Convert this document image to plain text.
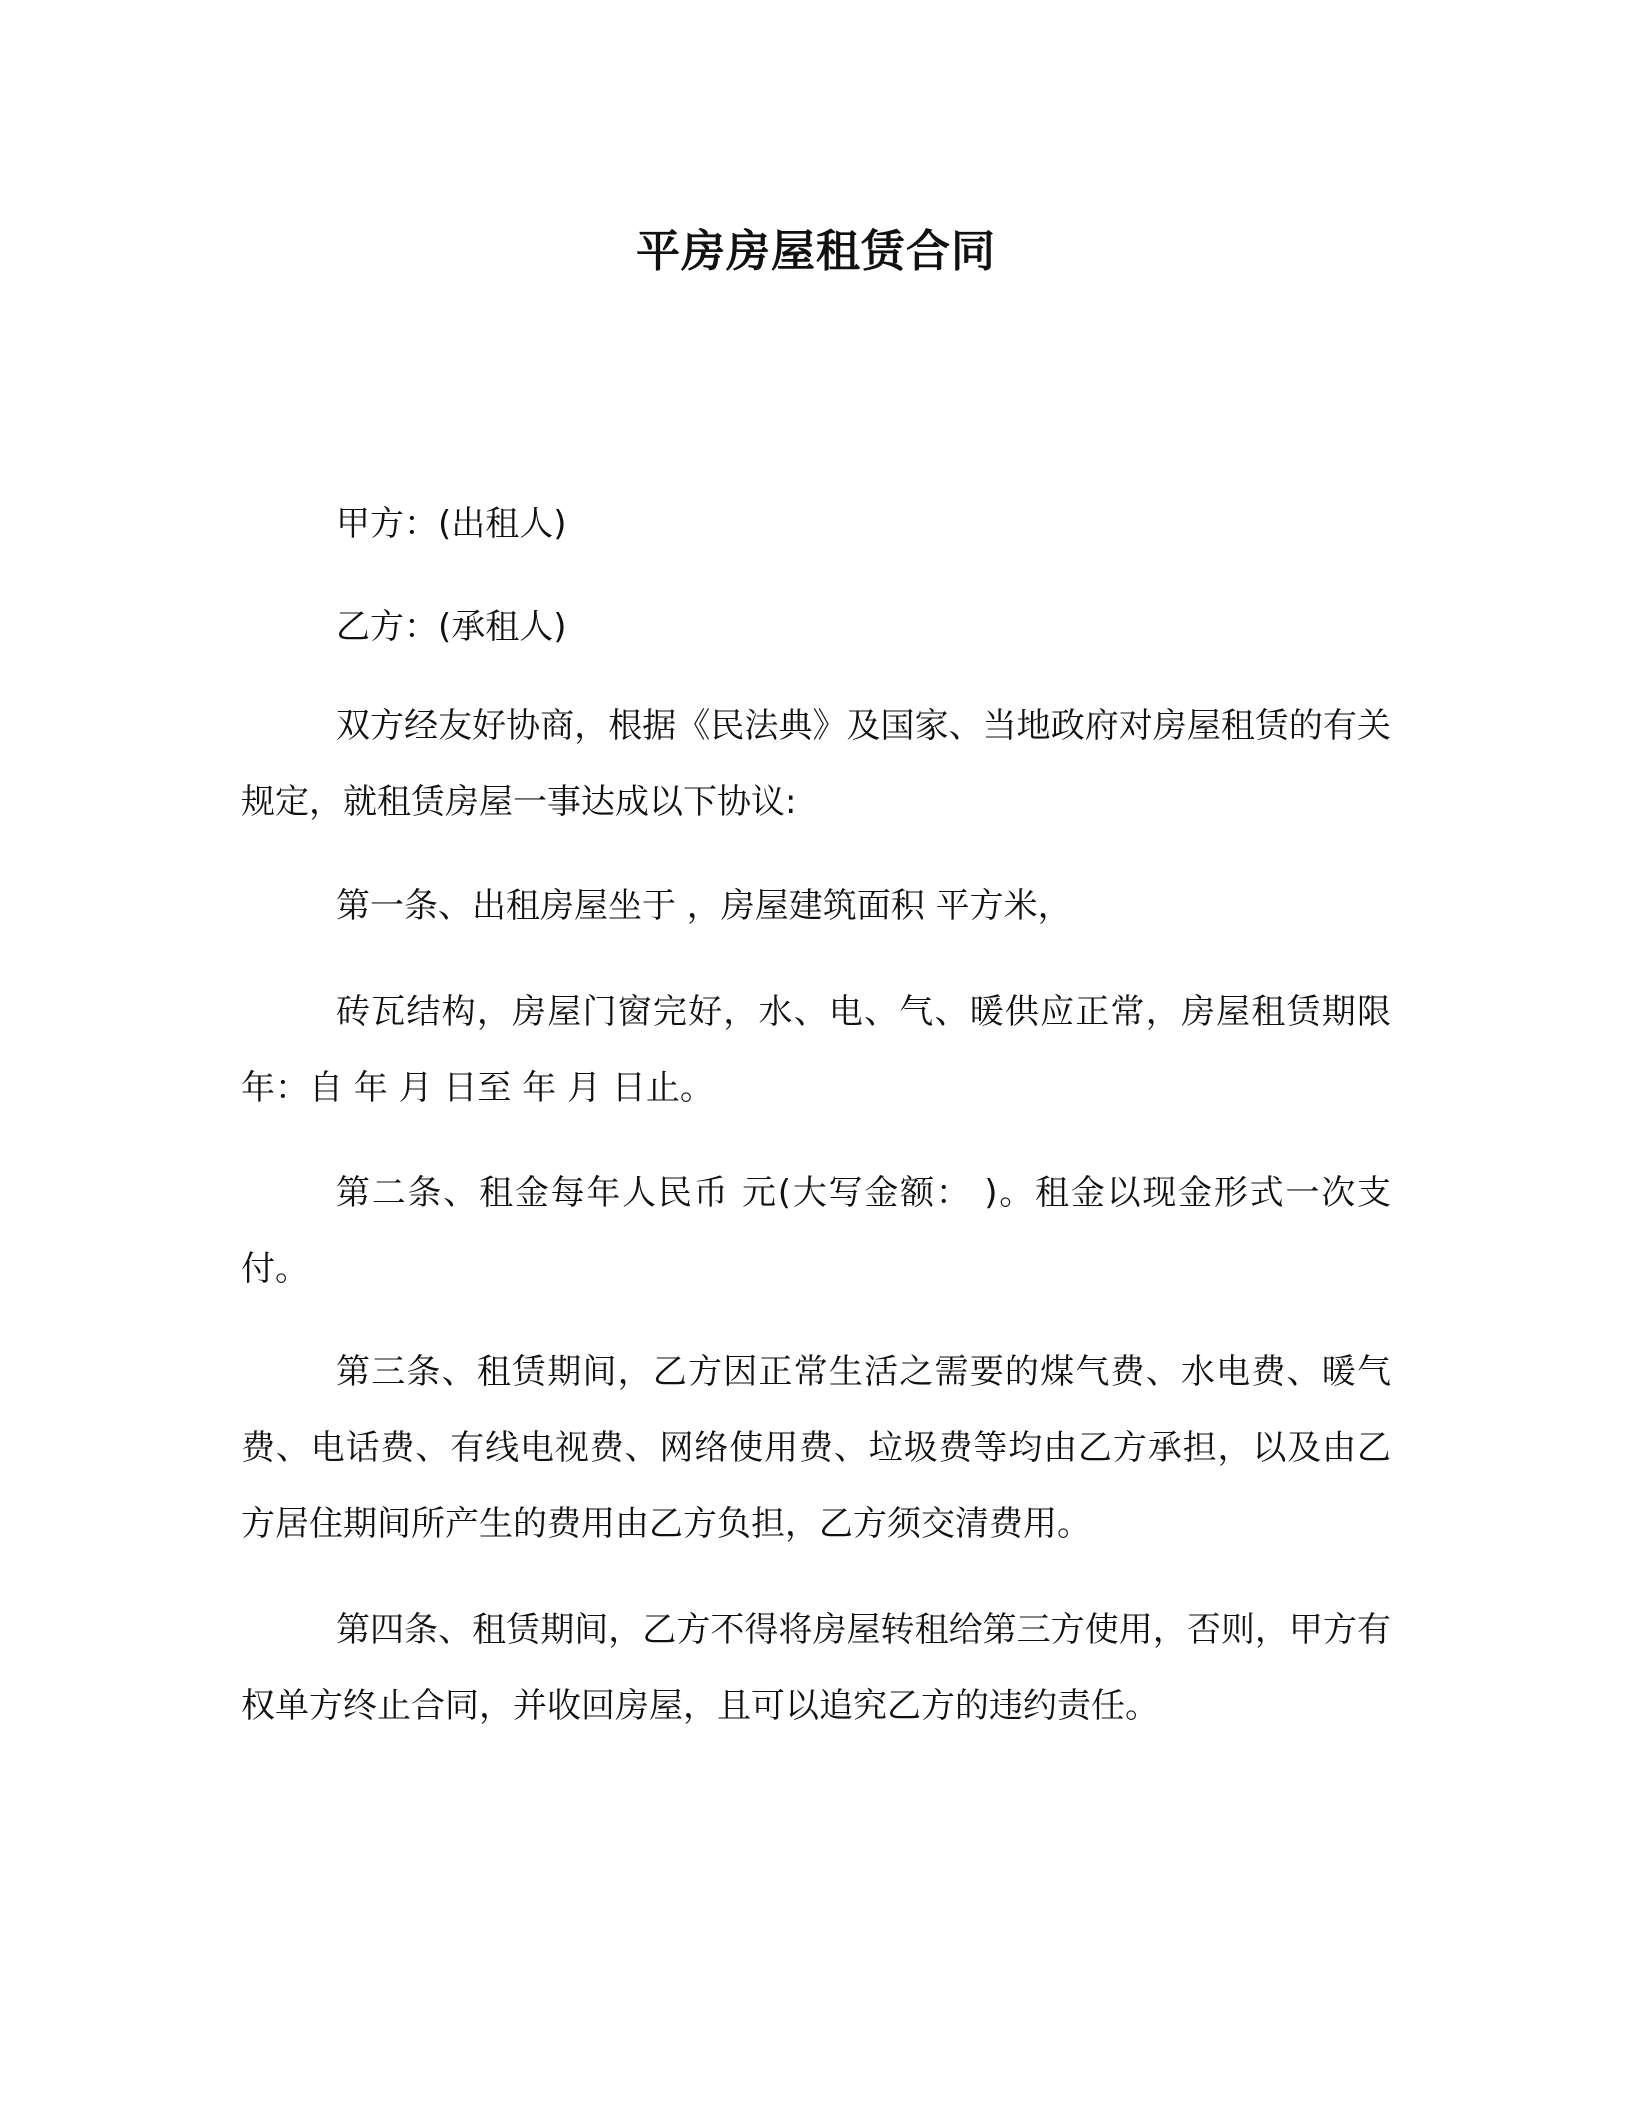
平房房屋租赁合同
甲方：(出租人)
乙方：(承租人)

双方经友好协商，根据《民法典》及国家、当地政府对房屋租赁的有关规定，就租赁房屋一事达成以下协议:

第一条、出租房屋坐于 ，房屋建筑面积 平方米，

砖瓦结构，房屋门窗完好，水、电、气、暖供应正常，房屋租赁期限 年：自 年 月 日至 年 月 日止。

第二条、租金每年人民币 元(大写金额： )。租金以现金形式一次支付。

第三条、租赁期间，乙方因正常生活之需要的煤气费、水电费、暖气费、电话费、有线电视费、网络使用费、垃圾费等均由乙方承担，以及由乙方居住期间所产生的费用由乙方负担，乙方须交清费用。

第四条、租赁期间，乙方不得将房屋转租给第三方使用，否则，甲方有权单方终止合同，并收回房屋，且可以追究乙方的违约责任。
